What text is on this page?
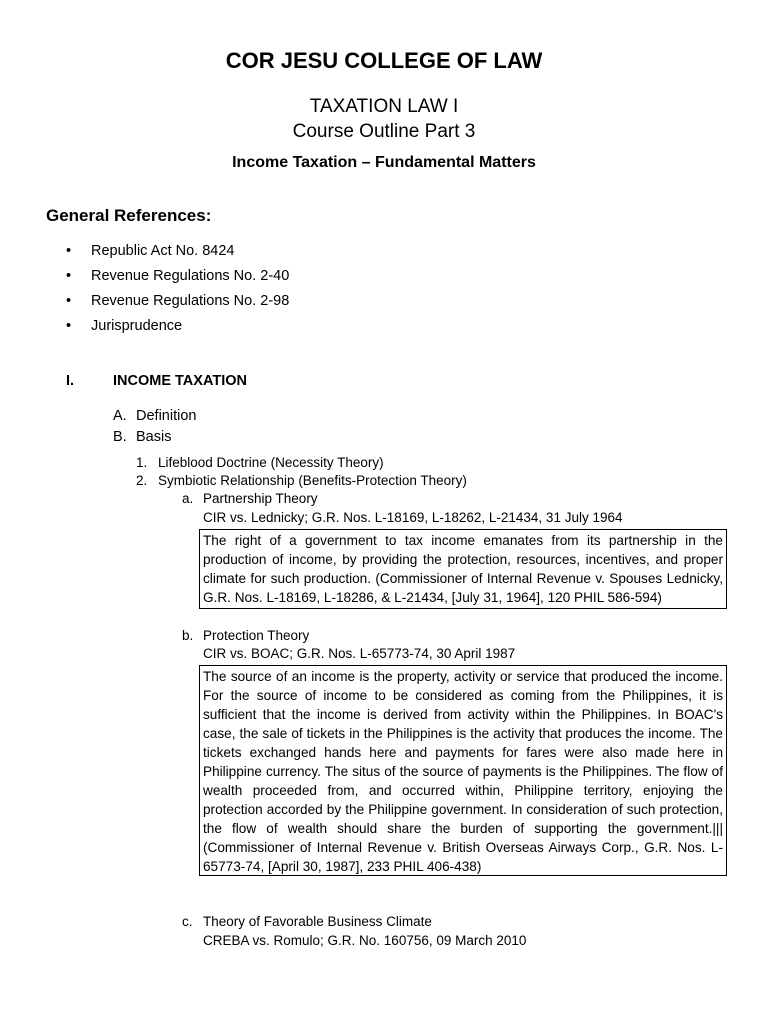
COR JESU COLLEGE OF LAW
TAXATION LAW I
Course Outline Part 3
Income Taxation – Fundamental Matters
General References:
• Republic Act No. 8424
• Revenue Regulations No. 2-40
• Revenue Regulations No. 2-98
• Jurisprudence
I.	INCOME TAXATION
A. Definition
B. Basis
1. Lifeblood Doctrine (Necessity Theory)
2. Symbiotic Relationship (Benefits-Protection Theory)
a. Partnership Theory
CIR vs. Lednicky; G.R. Nos. L-18169, L-18262, L-21434, 31 July 1964

The right of a government to tax income emanates from its partnership in the production of income, by providing the protection, resources, incentives, and proper climate for such production. (Commissioner of Internal Revenue v. Spouses Lednicky, G.R. Nos. L-18169, L-18286, & L-21434, [July 31, 1964], 120 PHIL 586-594)

b. Protection Theory
CIR vs. BOAC; G.R. Nos. L-65773-74, 30 April 1987

The source of an income is the property, activity or service that produced the income. For the source of income to be considered as coming from the Philippines, it is sufficient that the income is derived from activity within the Philippines. In BOAC's case, the sale of tickets in the Philippines is the activity that produces the income. The tickets exchanged hands here and payments for fares were also made here in Philippine currency. The situs of the source of payments is the Philippines. The flow of wealth proceeded from, and occurred within, Philippine territory, enjoying the protection accorded by the Philippine government. In consideration of such protection, the flow of wealth should share the burden of supporting the government.||| (Commissioner of Internal Revenue v. British Overseas Airways Corp., G.R. Nos. L-65773-74, [April 30, 1987], 233 PHIL 406-438)

c. Theory of Favorable Business Climate
CREBA vs. Romulo; G.R. No. 160756, 09 March 2010
